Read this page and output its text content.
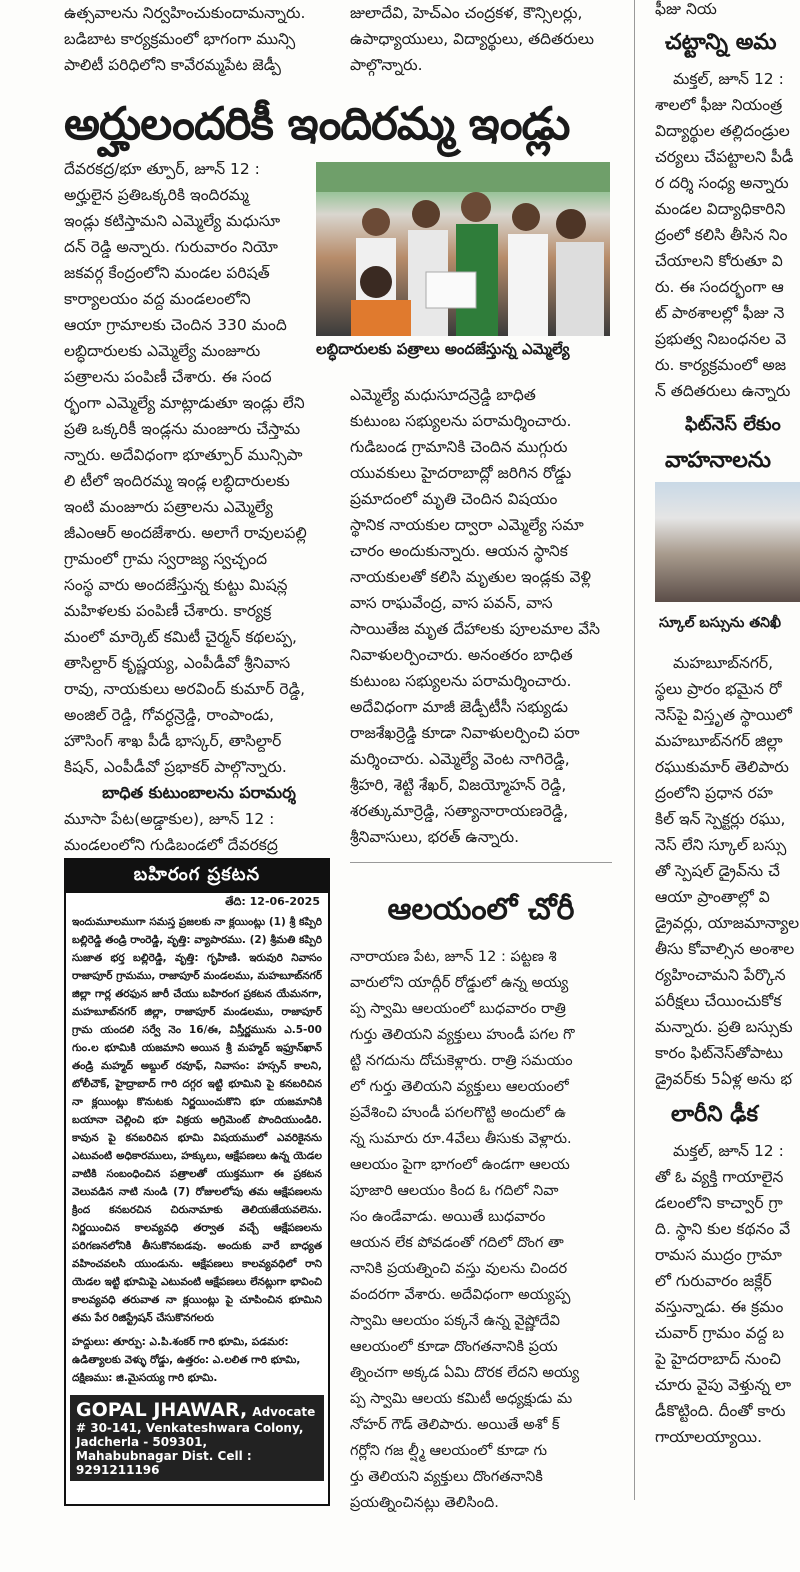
ఉత్సవాలను నిర్వహించుకుందామన్నారు.

బడిబాట కార్యక్రమంలో భాగంగా మున్సి

పాలిటీ పరిధిలోని కావేరమ్మపేట జెడ్పీ

జులాదేవి, హెచ్ఎం చంద్రకళ, కౌన్సిలర్లు,

ఉపాధ్యాయులు, విద్యార్థులు, తదితరులు

పాల్గొన్నారు.

అర్హులందరికీ ఇందిరమ్మ ఇండ్లు
లబ్ధిదారులకు పత్రాలు అందజేస్తున్న ఎమ్మెల్యే

దేవరకద్ర/భూ త్పూర్, జూన్ 12 :

అర్హులైన ప్రతిఒక్కరికి ఇందిరమ్మ

ఇండ్లు కటిస్తామని ఎమ్మెల్యే మధుసూ

దన్ రెడ్డి అన్నారు. గురువారం నియో

జకవర్గ కేంద్రంలోని మండల పరిషత్

కార్యాలయం వద్ద మండలంలోని

ఆయా గ్రామాలకు చెందిన 330 మంది

లబ్ధిదారులకు ఎమ్మెల్యే మంజూరు

పత్రాలను పంపిణీ చేశారు. ఈ సంద

ర్భంగా ఎమ్మెల్యే మాట్లాడుతూ ఇండ్లు లేని

ప్రతి ఒక్కరికీ ఇండ్లను మంజూరు చేస్తామ

న్నారు. అదేవిధంగా భూత్పూర్ మున్సిపా

లి టీలో ఇందిరమ్మ ఇండ్ల లబ్ధిదారులకు

ఇంటి మంజూరు పత్రాలను ఎమ్మెల్యే

జీఎంఆర్ అందజేశారు. అలాగే రావులపల్లి

గ్రామంలో గ్రామ స్వరాజ్య స్వచ్ఛంద

సంస్థ వారు అందజేస్తున్న కుట్టు మిషన్ల

మహిళలకు పంపిణీ చేశారు. కార్యక్ర

మంలో మార్కెట్ కమిటీ చైర్మన్ కథలప్ప,

తాసిల్దార్ కృష్ణయ్య, ఎంపీడీవో శ్రీనివాస

రావు, నాయకులు అరవింద్ కుమార్ రెడ్డి,

అంజిల్ రెడ్డి, గోవర్ధన్రెడ్డి, రాంపాండు,

హౌసింగ్ శాఖ పీడీ భాస్కర్, తాసిల్దార్

కిషన్, ఎంపీడీవో ప్రభాకర్ పాల్గొన్నారు.

బాధిత కుటుంబాలను పరామర్శ

మూసా పేట(అడ్డాకుల), జూన్ 12 :

మండలంలోని గుడిబండలో దేవరకద్ర

ఎమ్మెల్యే మధుసూదన్రెడ్డి బాధిత

కుటుంబ సభ్యులను పరామర్శించారు.

గుడిబండ గ్రామానికి చెందిన ముగ్గురు

యువకులు హైదరాబాద్లో జరిగిన రోడ్డు

ప్రమాదంలో మృతి చెందిన విషయం

స్థానిక నాయకుల ద్వారా ఎమ్మెల్యే సమా

చారం అందుకున్నారు. ఆయన స్థానిక

నాయకులతో కలిసి మృతుల ఇండ్లకు వెళ్లి

వాస రాఘవేంద్ర, వాస పవన్, వాస

సాయితేజ మృత దేహాలకు పూలమాల వేసి

నివాళులర్పించారు. అనంతరం బాధిత

కుటుంబ సభ్యులను పరామర్శించారు.

అదేవిధంగా మాజీ జెడ్పీటీసీ సభ్యుడు

రాజశేఖర్రెడ్డి కూడా నివాళులర్పించి పరా

మర్శించారు. ఎమ్మెల్యే వెంట నాగిరెడ్డి,

శ్రీహరి, శెట్టి శేఖర్, విజయ్మోహన్ రెడ్డి,

శరత్కుమార్రెడ్డి, సత్యానారాయణరెడ్డి,

శ్రీనివాసులు, భరత్ ఉన్నారు.

బహిరంగ ప్రకటన
తేది: 12-06-2025
ఇందుమూలముగా సమస్త ప్రజలకు నా క్లయింట్లు (1) శ్రీ కప్పిరి బల్లిరెడ్డి తండ్రి రాంరెడ్డి, వృత్తి: వ్యాపారము. (2) శ్రీమతి కప్పిరి సుజాత భర్త బల్లిరెడ్డి, వృత్తి: గృహిణి. ఇరువురి నివాసం రాజాపూర్ గ్రామము, రాజాపూర్ మండలము, మహబూబ్‌నగర్ జిల్లా గార్ల తరఫున జారీ చేయు బహిరంగ ప్రకటన యేమనగా, మహబూబ్‌నగర్ జిల్లా, రాజాపూర్ మండలము, రాజాపూర్ గ్రామ యందలి సర్వే నెం 16/ఈ, విస్తీర్ణమును ఎ.5-00 గుం.ల భూమికి యజమాని అయిన శ్రీ మహ్మద్ ఇఫ్రూన్‌ఖాన్ తండ్రి మహ్మద్ అబ్దుల్ రవూఫ్, నివాసం: హస్సన్ కాలని, టోలీచౌక్, హైద్రాబాద్ గారి దగ్గర ఇట్టి భూమిని పై కనబరిచిన నా క్లయింట్లు కొనుటకు నిర్ణయించుకొని భూ యజమానికి బయానా చెల్లించి భూ విక్రయ అగ్రిమెంట్ పొందియుండిరి. కావున పై కనబరిచిన భూమి విషయములో ఎవరికైనను ఎటువంటి అధికారములు, హక్కులు, ఆక్షేపణలు ఉన్న యెడల వాటికి సంబంధించిన పత్రాలతో యుక్తముగా ఈ ప్రకటన వెలువడిన నాటి నుండి (7) రోజులలోపు తమ ఆక్షేపణలను క్రింద కనబరచిన చిరునామాకు తెలియజేయవలెను. నిర్ణయించిన కాలవ్యవధి తర్వాత వచ్చే ఆక్షేపణలను పరిగణనలోనికి తీసుకొనబడవు. అందుకు వారే బాధ్యత వహించవలసి యుండును. ఆక్షేపణలు కాలవ్యవధిలో రాని యెడల ఇట్టి భూమిపై ఎటువంటి ఆక్షేపణలు లేనట్లుగా భావించి కాలవ్యవధి తరువాత నా క్లయింట్లు పై చూపించిన భూమిని తమ పేర రిజిస్ట్రేషన్ చేసుకొనగలరు
హద్దులు: తూర్పు: ఎ.పి.శంకర్ గారి భూమి, పడమర: ఉడిత్యాలకు వెళ్ళు రోడ్డు, ఉత్తరం: ఎ.లలిత గారి భూమి, దక్షిణము: జి.మైసయ్య గారి భూమి.
GOPAL JHAWAR, Advocate
# 30-141, Venkateshwara Colony, Jadcherla - 509301,
Mahabubnagar Dist. Cell : 9291211196
ఆలయంలో చోరీ

నారాయణ పేట, జూన్ 12 : పట్టణ శి

వారులోని యాద్గీర్ రోడ్డులో ఉన్న అయ్య

ప్ప స్వామి ఆలయంలో బుధవారం రాత్రి

గుర్తు తెలియని వ్యక్తులు హుండీ పగల గొ

ట్టి నగదును దోచుకెళ్లారు. రాత్రి సమయం

లో గుర్తు తెలియని వ్యక్తులు ఆలయంలో

ప్రవేశించి హుండీ పగలగొట్టి అందులో ఉ

న్న సుమారు రూ.4వేలు తీసుకు వెళ్లారు.

ఆలయం పైగా భాగంలో ఉండగా ఆలయ

పూజారి ఆలయం కింద ఓ గదిలో నివా

సం ఉండేవాడు. అయితే బుధవారం

ఆయన లేక పోవడంతో గదిలో దొంగ తా

నానికి ప్రయత్నించి వస్తు వులను చిందర

వందరగా వేశారు. అదేవిధంగా అయ్యప్ప

స్వామి ఆలయం పక్కనే ఉన్న వైష్ణోదేవి

ఆలయంలో కూడా దొంగతనానికి ప్రయ

త్నించగా అక్కడ ఏమి దొరక లేదని అయ్య

ప్ప స్వామి ఆలయ కమిటీ అధ్యక్షుడు మ

నోహర్ గౌడ్ తెలిపారు. అయితే అశో క్

గర్లోని గజ ల్ష్మీ ఆలయంలో కూడా గు

ర్తు తెలియని వ్యక్తులు దొంగతనానికి

ప్రయత్నించినట్లు తెలిసింది.

ఫీజు నియ

చట్టాన్ని అమ

మక్తల్, జూన్ 12 :

శాలలో ఫీజు నియంత్ర

విద్యార్థుల తల్లిదండ్రుల

చర్యలు చేపట్టాలని పీడీ

ర దర్శి సంధ్య అన్నారు

మండల విద్యాధికారిని

ద్రంలో కలిసి తీసిన నిం

చేయాలని కోరుతూ వి

రు. ఈ సందర్భంగా ఆ

ట్ పాఠశాలల్లో ఫీజు నె

ప్రభుత్వ నిబంధనల వె

రు. కార్యక్రమంలో అజ

న్ తదితరులు ఉన్నారు

ఫిట్‌నెస్ లేకుం

వాహనాలను

స్కూల్ బస్సును తనిఖీ

మహబూబ్‌నగర్,

స్థలు ప్రారం భమైన రో

నెస్‌పై విస్తృత స్థాయిలో

మహబూబ్‌నగర్ జిల్లా

రఘుకుమార్ తెలిపారు

ద్రంలోని ప్రధాన రహ

కిల్ ఇన్ స్పెక్టర్లు రఘు,

నెస్ లేని స్కూల్ బస్సు

తో స్పెషల్ డ్రైవ్‌ను చే

ఆయా ప్రాంతాల్లో వి

డ్రైవర్లు, యాజమాన్యాల

తీసు కోవాల్సిన అంశాల

ర్యహించామని పేర్కొన

పరీక్షలు చేయించుకోక

మన్నారు. ప్రతి బస్సుకు

కారం ఫిట్‌నెస్‌తోపాటు

డ్రైవర్‌కు 5ఏళ్ల అను భ

లారీని ఢీక

మక్తల్, జూన్ 12 :

తో ఓ వ్యక్తి గాయాలైన

డలంలోని కాచ్వార్ గ్రా

ది. స్థాని కుల కథనం వే

రామస ముద్రం గ్రామా

లో గురువారం జక్లేర్

వస్తున్నాడు. ఈ క్రమం

చువార్ గ్రామం వద్ద బ

పై హైదరాబాద్ నుంచి

చూరు వైపు వెళ్తున్న లా

డీకొట్టింది. దీంతో కారు

గాయాలయ్యాయి.
